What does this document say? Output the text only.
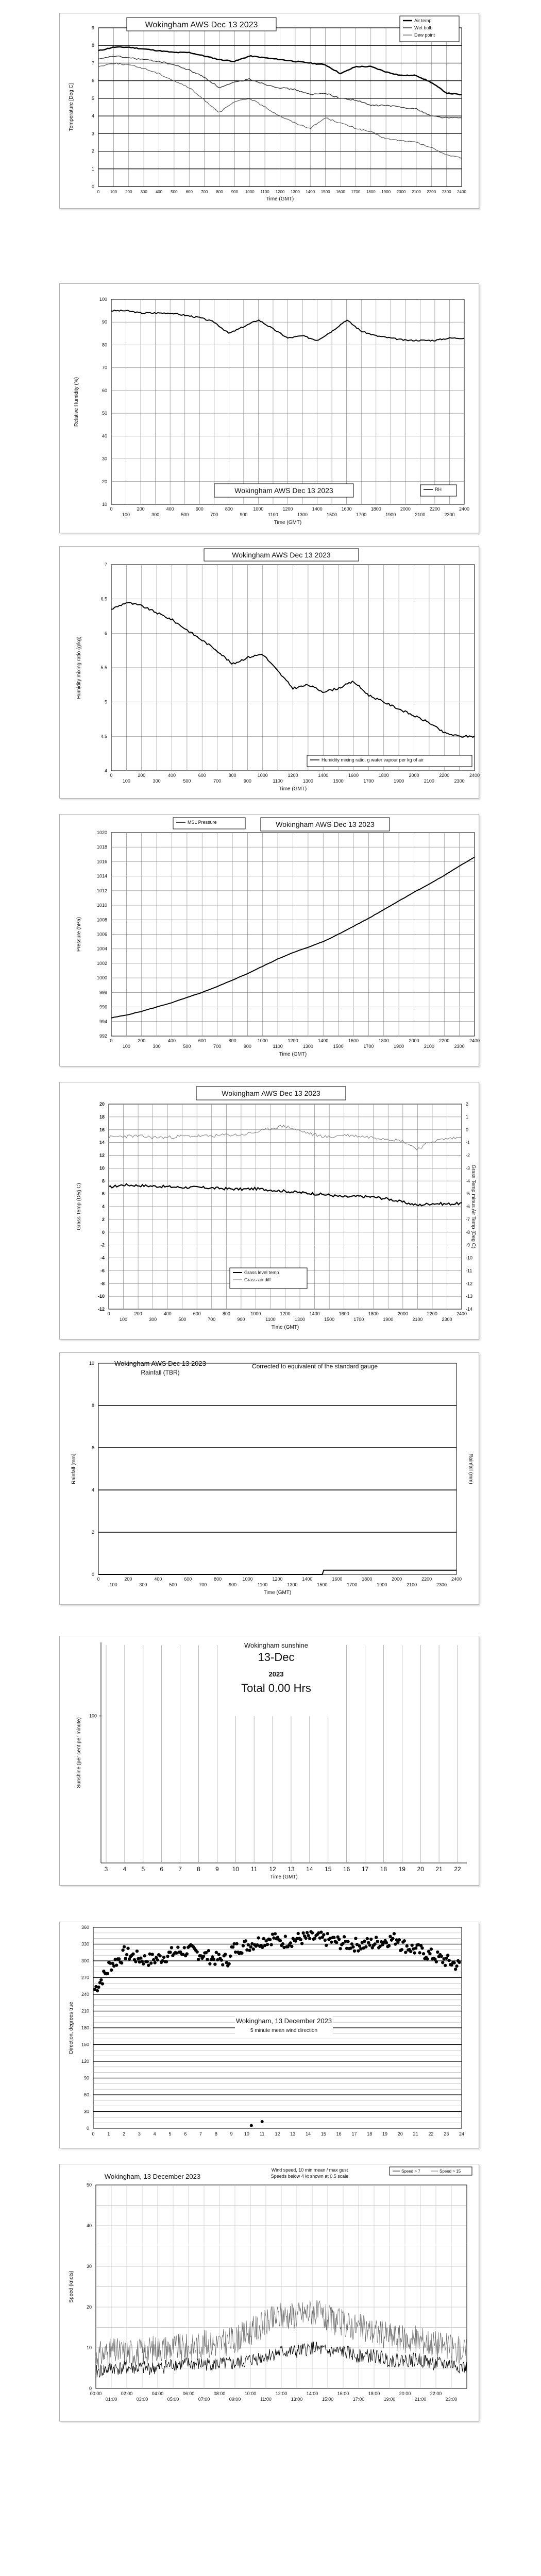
0
1
2
3
4
5
6
7
8
9
0	100 200 300 400 500 600 700 800 900 1000 1100 1200 1300 1400 1500 1600 1700 1800 1900 2000 2100 2200 2300 2400
Temperature [Deg C]
Time (GMT)
Wokingham AWS Dec 13 2023	Air temp
Wet bulb
Dew point
10
20
30
40
50
60
70
80
90
100
0	200	400	600	800	1000	1200	1400	1600	1800	2000	2200	2400
100	300	500	700	900	1100	1300	1500	1700	1900	2100	2300
Relative Humidity (%)
Time (GMT)
Wokingham AWS Dec 13 2023	RH
4
4.5
5
5.5
6
6.5
7
0	200	400	600	800	1000	1200	1400	1600	1800	2000	2200	2400
100	300	500	700	900	1100	1300	1500	1700	1900	2100	2300
Humidity mixing ratio (g/kg)
Time (GMT)
Wokingham AWS Dec 13 2023
Humidity mixing ratio, g water vapour per kg of air
992
994
996
998
1000
1002
1004
1006
1008
1010
1012
1014
1016
1018
1020
0	200	400	600	800	1000	1200	1400	1600	1800	2000	2200	2400
100	300	500	700	900	1100	1300	1500	1700	1900	2100	2300
Pressure (hPa)
Time (GMT)
Wokingham AWS Dec 13 2023
MSL Pressure
-12
-10
-8
-6
-4
-2
0
2
4
6
8
10
12
14
16
18
20
-14
-13
-12
-11
-10
-9
-8
-7
-6
-5
-4
-3
-2
-1
0
1
2
0	200	400	600	800	1000	1200	1400	1600	1800	2000	2200	2400
100	300	500	700	900	1100	1300	1500	1700	1900	2100	2300
Grass Temp (Deg C)	Grass Temp minus Air Temp (Deg C)
Time (GMT)
Wokingham AWS Dec 13 2023
Grass level temp
Grass-air diff
0
2
4
6
8
10
0	200	400	600	800	1000	1200	1400	1600	1800	2000	2200	2400
100	300	500	700	900	1100	1300	1500	1700	1900	2100	2300
Rainfall (mm)	Rainfall (mm)
Time (GMT)
Wokingham AWS Dec 13 2023
Rainfall (TBR)
Corrected to equivalent of the standard gauge
3 4 5 6 7 8 9 10 11 12 13 14 15 16 17 18 19 20 21 22
100
Sunshine (per cent per minute)
Time (GMT)
Wokingham sunshine
13-Dec
2023
Total 0.00 Hrs
0
30
60
90
120
150
180
210
240
270
300
330
360
0	1	2	3	4	5	6	7	8	9 10 11 12 13 14 15 16 17 18 19 20 21 22 23 24
Direction, degrees true	Wokingham, 13 December 2023
5 minute mean wind direction
0
10
20
30
40
50
00:00	02:00	04:00	06:00	08:00	10:00	12:00	14:00	16:00	18:00	20:00	22:00
01:00	03:00	05:00	07:00	09:00	11:00	13:00	15:00	17:00	19:00	21:00	23:00
Speed (knots)
Wokingham, 13 December 2023
Wind speed, 10 min mean / max gust
Speeds below 4 kt shown at 0.5 scale
Speed > 7	Speed > 15
